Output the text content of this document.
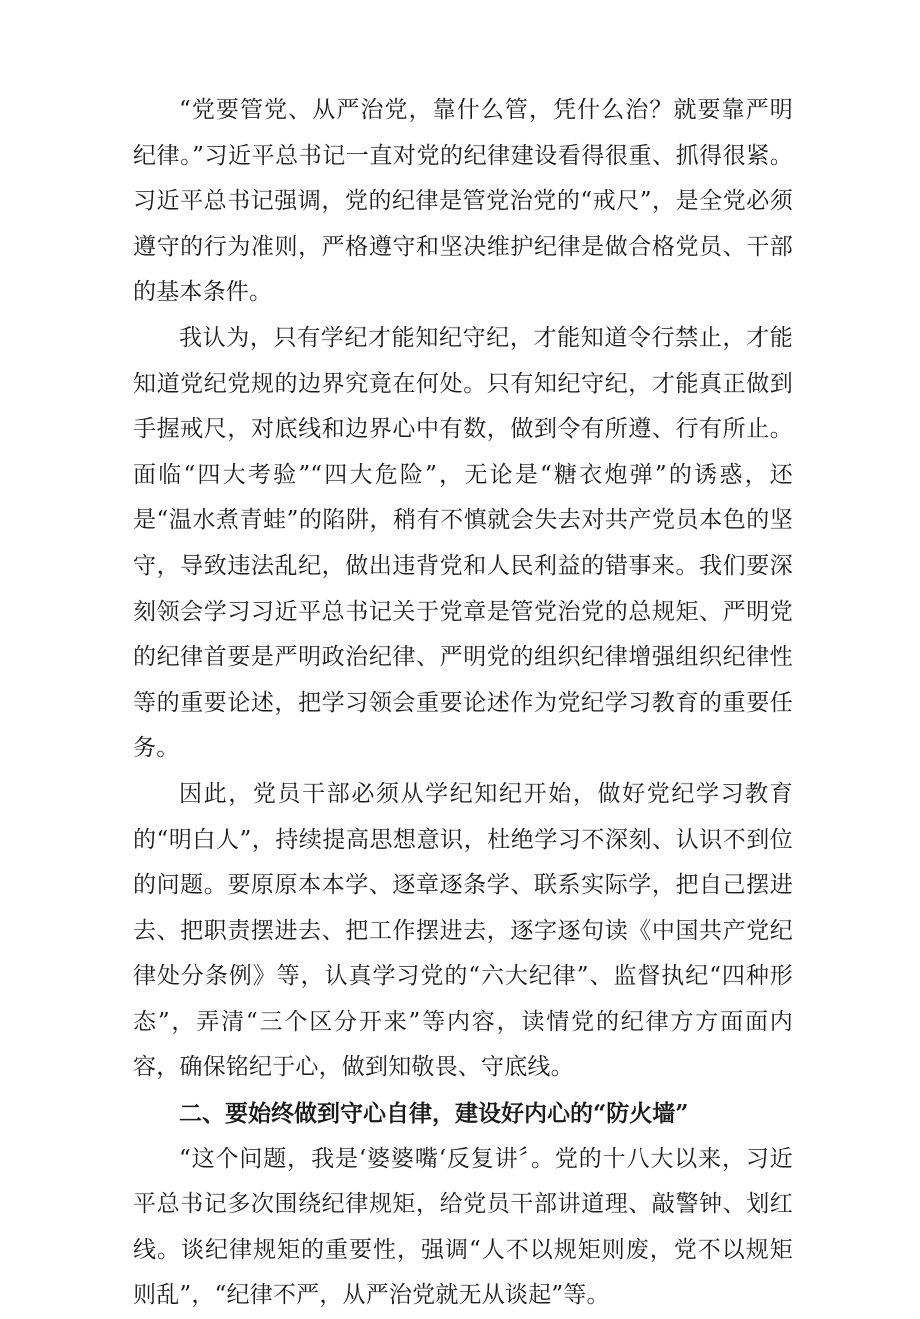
“党要管党、从严治党，靠什么管，凭什么治？就要靠严明纪律。”习近平总书记一直对党的纪律建设看得很重、抓得很紧。习近平总书记强调，党的纪律是管党治党的“戒尺”，是全党必须遵守的行为准则，严格遵守和坚决维护纪律是做合格党员、干部的基本条件。

我认为，只有学纪才能知纪守纪，才能知道令行禁止，才能知道党纪党规的边界究竟在何处。只有知纪守纪，才能真正做到手握戒尺，对底线和边界心中有数，做到令有所遵、行有所止。面临“四大考验”“四大危险”，无论是“糖衣炮弹”的诱惑，还是“温水煮青蛙”的陷阱，稍有不慎就会失去对共产党员本色的坚守，导致违法乱纪，做出违背党和人民利益的错事来。我们要深刻领会学习习近平总书记关于党章是管党治党的总规矩、严明党的纪律首要是严明政治纪律、严明党的组织纪律增强组织纪律性等的重要论述，把学习领会重要论述作为党纪学习教育的重要任务。

因此，党员干部必须从学纪知纪开始，做好党纪学习教育的“明白人”，持续提高思想意识，杜绝学习不深刻、认识不到位的问题。要原原本本学、逐章逐条学、联系实际学，把自己摆进去、把职责摆进去、把工作摆进去，逐字逐句读《中国共产党纪律处分条例》等，认真学习党的“六大纪律”、监督执纪“四种形态”，弄清“三个区分开来”等内容，读情党的纪律方方面面内容，确保铭纪于心，做到知敬畏、守底线。

二、要始终做到守心自律，建设好内心的“防火墙”

“这个问题，我是‘婆婆嘴‘反复讲〞。党的十八大以来，习近平总书记多次围绕纪律规矩，给党员干部讲道理、敲警钟、划红线。谈纪律规矩的重要性，强调“人不以规矩则废，党不以规矩则乱”，“纪律不严，从严治党就无从谈起”等。
